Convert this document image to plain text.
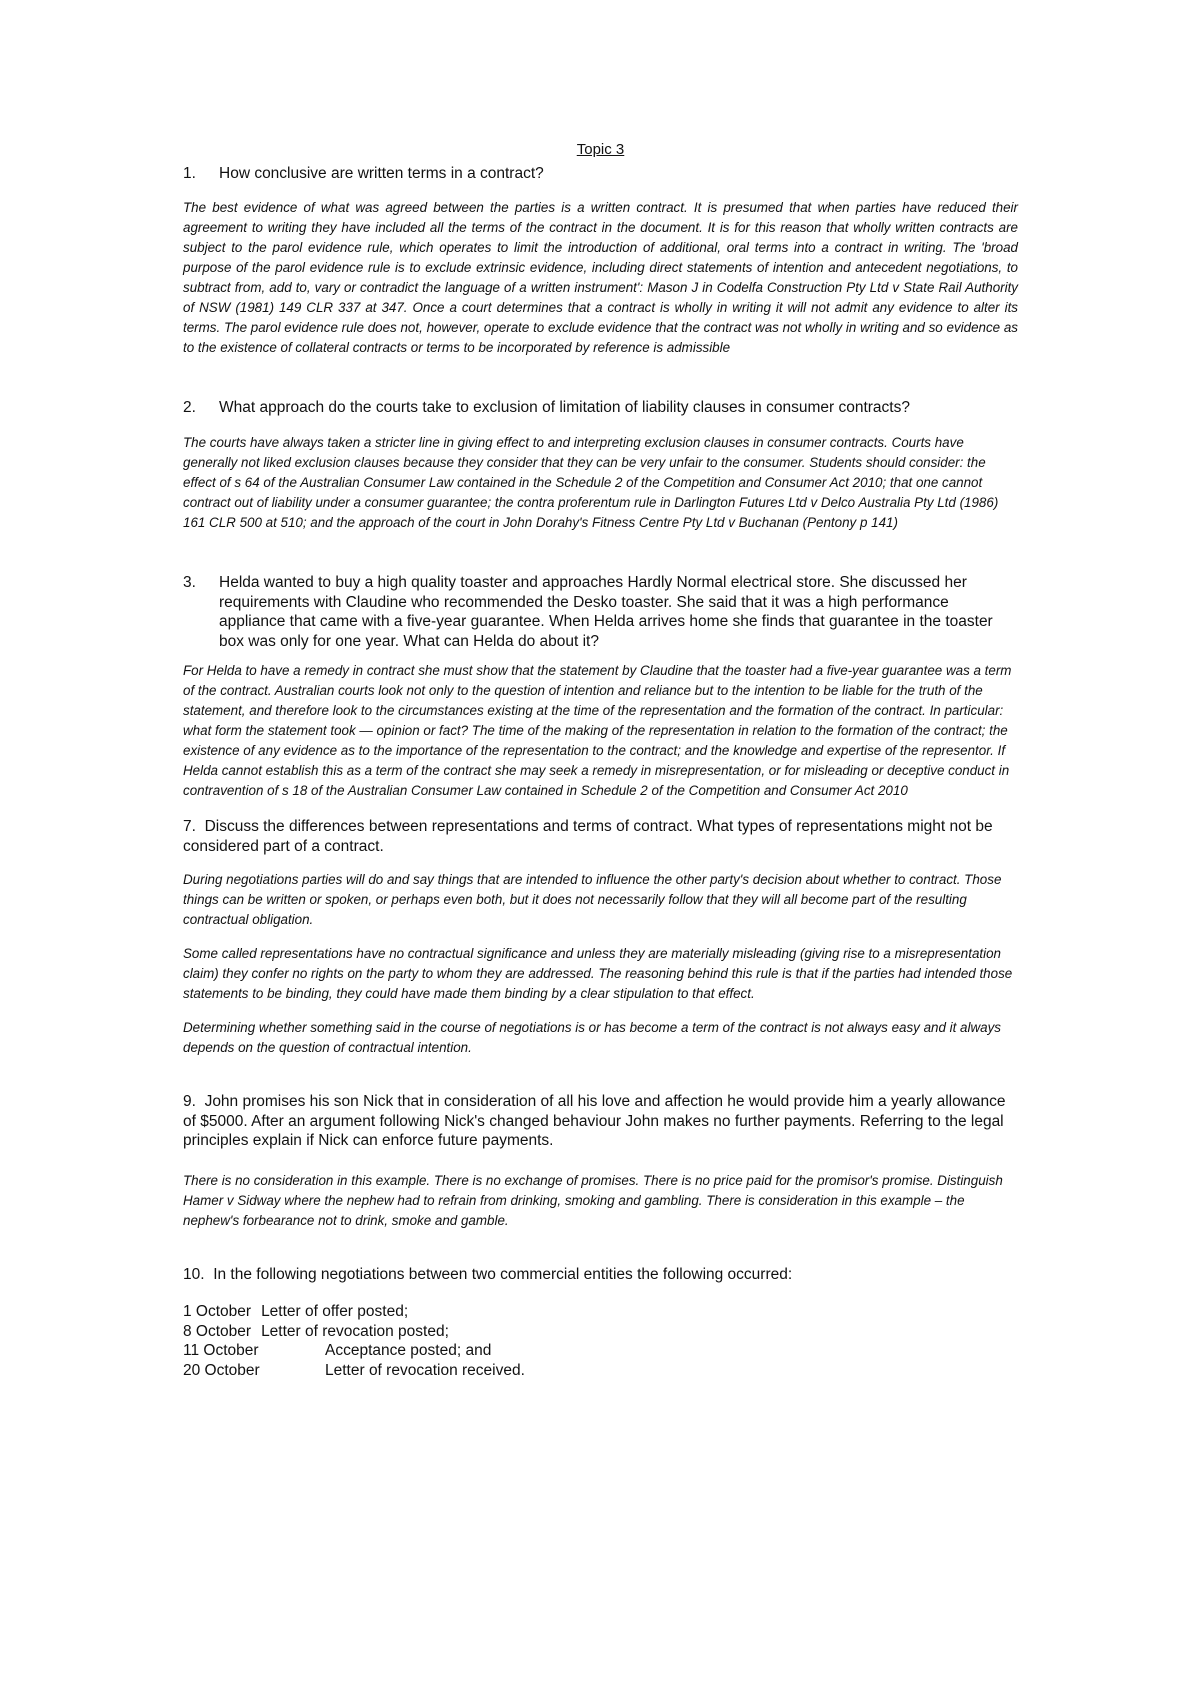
Topic 3
1.	How conclusive are written terms in a contract?

The best evidence of what was agreed between the parties is a written contract. It is presumed that when parties have reduced their agreement to writing they have included all the terms of the contract in the document. It is for this reason that wholly written contracts are subject to the parol evidence rule, which operates to limit the introduction of additional, oral terms into a contract in writing. The 'broad purpose of the parol evidence rule is to exclude extrinsic evidence, including direct statements of intention and antecedent negotiations, to subtract from, add to, vary or contradict the language of a written instrument': Mason J in Codelfa Construction Pty Ltd v State Rail Authority of NSW (1981) 149 CLR 337 at 347. Once a court determines that a contract is wholly in writing it will not admit any evidence to alter its terms. The parol evidence rule does not, however, operate to exclude evidence that the contract was not wholly in writing and so evidence as to the existence of collateral contracts or terms to be incorporated by reference is admissible

2.	What approach do the courts take to exclusion of limitation of liability clauses in consumer contracts?

The courts have always taken a stricter line in giving effect to and interpreting exclusion clauses in consumer contracts. Courts have generally not liked exclusion clauses because they consider that they can be very unfair to the consumer. Students should consider: the effect of s 64 of the Australian Consumer Law contained in the Schedule 2 of the Competition and Consumer Act 2010; that one cannot contract out of liability under a consumer guarantee; the contra proferentum rule in Darlington Futures Ltd v Delco Australia Pty Ltd (1986) 161 CLR 500 at 510; and the approach of the court in John Dorahy's Fitness Centre Pty Ltd v Buchanan (Pentony p 141)

3.	Helda wanted to buy a high quality toaster and approaches Hardly Normal electrical store. She discussed her requirements with Claudine who recommended the Desko toaster. She said that it was a high performance appliance that came with a five-year guarantee. When Helda arrives home she finds that guarantee in the toaster box was only for one year. What can Helda do about it?

For Helda to have a remedy in contract she must show that the statement by Claudine that the toaster had a five-year guarantee was a term of the contract. Australian courts look not only to the question of intention and reliance but to the intention to be liable for the truth of the statement, and therefore look to the circumstances existing at the time of the representation and the formation of the contract. In particular: what form the statement took — opinion or fact? The time of the making of the representation in relation to the formation of the contract; the existence of any evidence as to the importance of the representation to the contract; and the knowledge and expertise of the representor. If Helda cannot establish this as a term of the contract she may seek a remedy in misrepresentation, or for misleading or deceptive conduct in contravention of s 18 of the Australian Consumer Law contained in Schedule 2 of the Competition and Consumer Act 2010

7. Discuss the differences between representations and terms of contract. What types of representations might not be considered part of a contract.

During negotiations parties will do and say things that are intended to influence the other party's decision about whether to contract. Those things can be written or spoken, or perhaps even both, but it does not necessarily follow that they will all become part of the resulting contractual obligation.

Some called representations have no contractual significance and unless they are materially misleading (giving rise to a misrepresentation claim) they confer no rights on the party to whom they are addressed. The reasoning behind this rule is that if the parties had intended those statements to be binding, they could have made them binding by a clear stipulation to that effect.

Determining whether something said in the course of negotiations is or has become a term of the contract is not always easy and it always depends on the question of contractual intention.

9. John promises his son Nick that in consideration of all his love and affection he would provide him a yearly allowance of $5000. After an argument following Nick's changed behaviour John makes no further payments. Referring to the legal principles explain if Nick can enforce future payments.

There is no consideration in this example. There is no exchange of promises. There is no price paid for the promisor's promise. Distinguish Hamer v Sidway where the nephew had to refrain from drinking, smoking and gambling. There is consideration in this example – the nephew's forbearance not to drink, smoke and gamble.

10. In the following negotiations between two commercial entities the following occurred:
1 October Letter of offer posted;
8 October Letter of revocation posted;
11 October	Acceptance posted; and
20 October	Letter of revocation received.
